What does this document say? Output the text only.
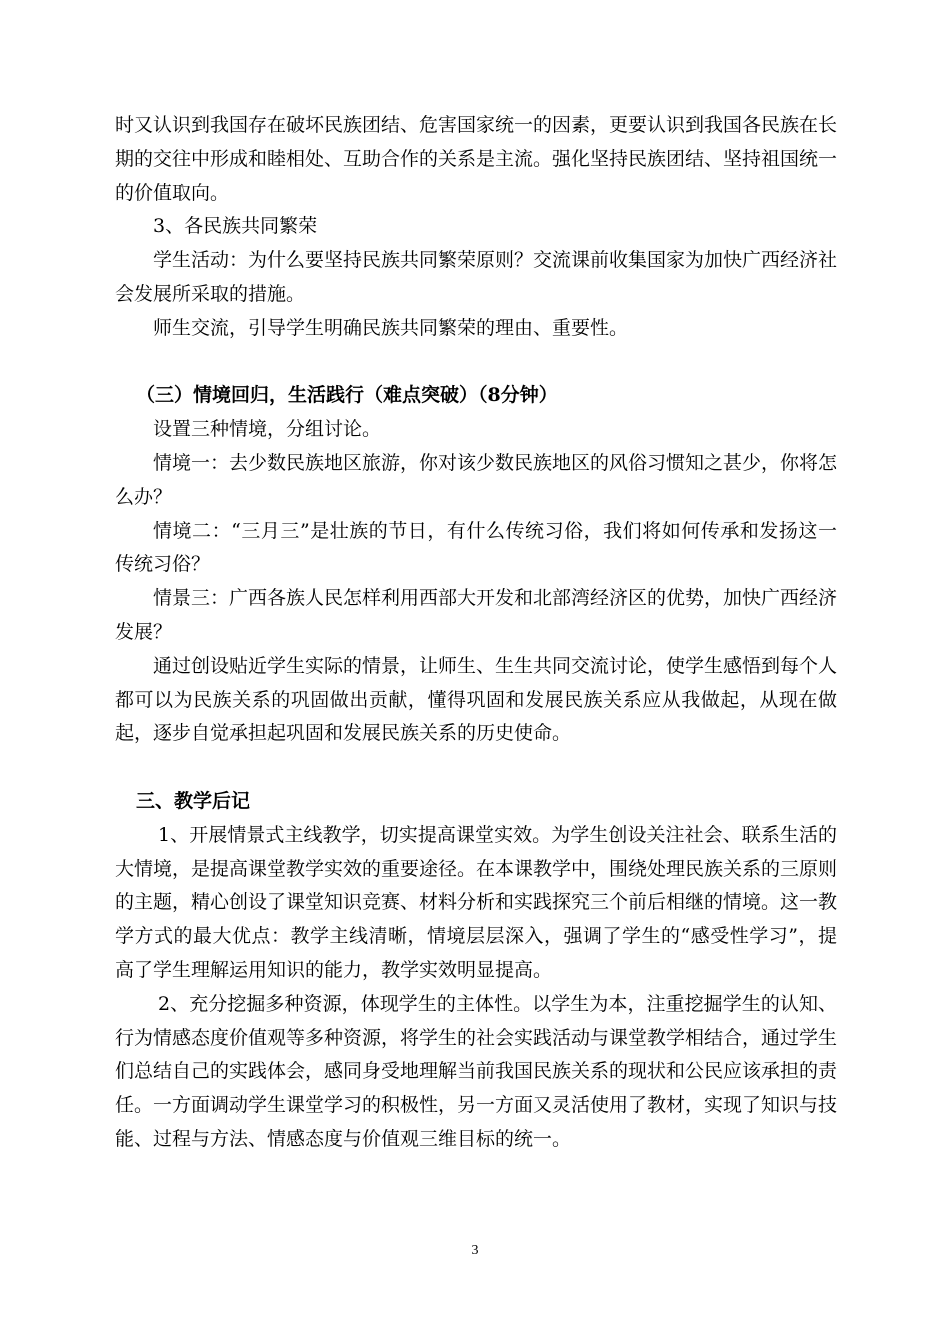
时又认识到我国存在破坏民族团结、危害国家统一的因素，更要认识到我国各民族在长期的交往中形成和睦相处、互助合作的关系是主流。强化坚持民族团结、坚持祖国统一的价值取向。

3、各民族共同繁荣

学生活动：为什么要坚持民族共同繁荣原则？交流课前收集国家为加快广西经济社会发展所采取的措施。

师生交流，引导学生明确民族共同繁荣的理由、重要性。

（三）情境回归，生活践行（难点突破）（8分钟）

设置三种情境，分组讨论。

情境一：去少数民族地区旅游，你对该少数民族地区的风俗习惯知之甚少，你将怎么办？

情境二：“三月三”是壮族的节日，有什么传统习俗，我们将如何传承和发扬这一传统习俗？

情景三：广西各族人民怎样利用西部大开发和北部湾经济区的优势，加快广西经济发展？

通过创设贴近学生实际的情景，让师生、生生共同交流讨论，使学生感悟到每个人都可以为民族关系的巩固做出贡献，懂得巩固和发展民族关系应从我做起，从现在做起，逐步自觉承担起巩固和发展民族关系的历史使命。

三、教学后记

1、开展情景式主线教学，切实提高课堂实效。为学生创设关注社会、联系生活的大情境，是提高课堂教学实效的重要途径。在本课教学中，围绕处理民族关系的三原则的主题，精心创设了课堂知识竞赛、材料分析和实践探究三个前后相继的情境。这一教学方式的最大优点：教学主线清晰，情境层层深入，强调了学生的“感受性学习”，提高了学生理解运用知识的能力，教学实效明显提高。

2、充分挖掘多种资源，体现学生的主体性。以学生为本，注重挖掘学生的认知、行为情感态度价值观等多种资源，将学生的社会实践活动与课堂教学相结合，通过学生们总结自己的实践体会，感同身受地理解当前我国民族关系的现状和公民应该承担的责任。一方面调动学生课堂学习的积极性，另一方面又灵活使用了教材，实现了知识与技能、过程与方法、情感态度与价值观三维目标的统一。

3
